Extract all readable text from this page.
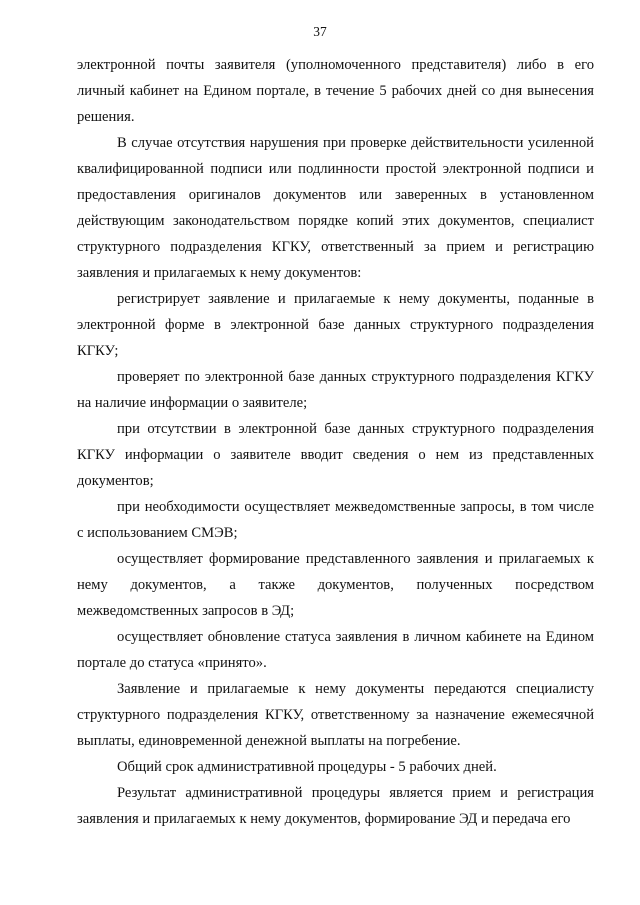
37

электронной почты заявителя (уполномоченного представителя) либо в его личный кабинет на Едином портале, в течение 5 рабочих дней со дня вынесения решения.

В случае отсутствия нарушения при проверке действительности усиленной квалифицированной подписи или подлинности простой электронной подписи и предоставления оригиналов документов или заверенных в установленном действующим законодательством порядке копий этих документов, специалист структурного подразделения КГКУ, ответственный за прием и регистрацию заявления и прилагаемых к нему документов:

регистрирует заявление и прилагаемые к нему документы, поданные в электронной форме в электронной базе данных структурного подразделения КГКУ;

проверяет по электронной базе данных структурного подразделения КГКУ на наличие информации о заявителе;

при отсутствии в электронной базе данных структурного подразделения КГКУ информации о заявителе вводит сведения о нем из представленных документов;

при необходимости осуществляет межведомственные запросы, в том числе с использованием СМЭВ;

осуществляет формирование представленного заявления и прилагаемых к нему документов, а также документов, полученных посредством межведомственных запросов в ЭД;

осуществляет обновление статуса заявления в личном кабинете на Едином портале до статуса «принято».

Заявление и прилагаемые к нему документы передаются специалисту структурного подразделения КГКУ, ответственному за назначение ежемесячной выплаты, единовременной денежной выплаты на погребение.

Общий срок административной процедуры - 5 рабочих дней.

Результат административной процедуры является прием и регистрация заявления и прилагаемых к нему документов, формирование ЭД и передача его
